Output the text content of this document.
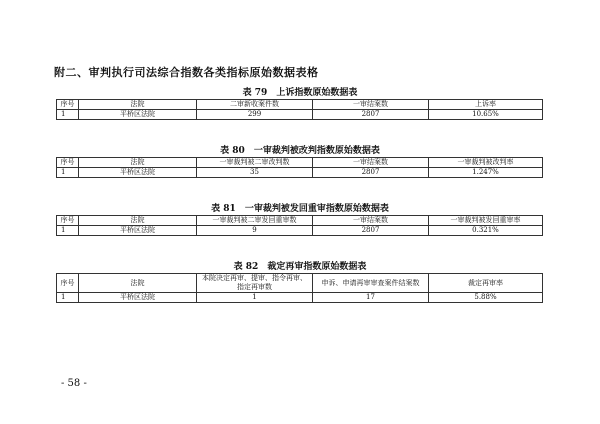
附二、审判执行司法综合指数各类指标原始数据表格
表 79　上诉指数原始数据表
序号	法院	二审新收案件数	一审结案数	上诉率
1	平桥区法院	299	2807	10.65%
表 80　一审裁判被改判指数原始数据表
序号	法院	一审裁判被二审改判数	一审结案数	一审裁判被改判率
1	平桥区法院	35	2807	1.247%
表 81　一审裁判被发回重审指数原始数据表
序号	法院	一审裁判被二审发回重审数	一审结案数	一审裁判被发回重审率
1	平桥区法院	9	2807	0.321%
表 82　裁定再审指数原始数据表
序号	法院	本院决定再审、提审、指令再审、指定再审数	申诉、申请再审审查案件结案数	裁定再审率
1	平桥区法院	1	17	5.88%
- 58 -
